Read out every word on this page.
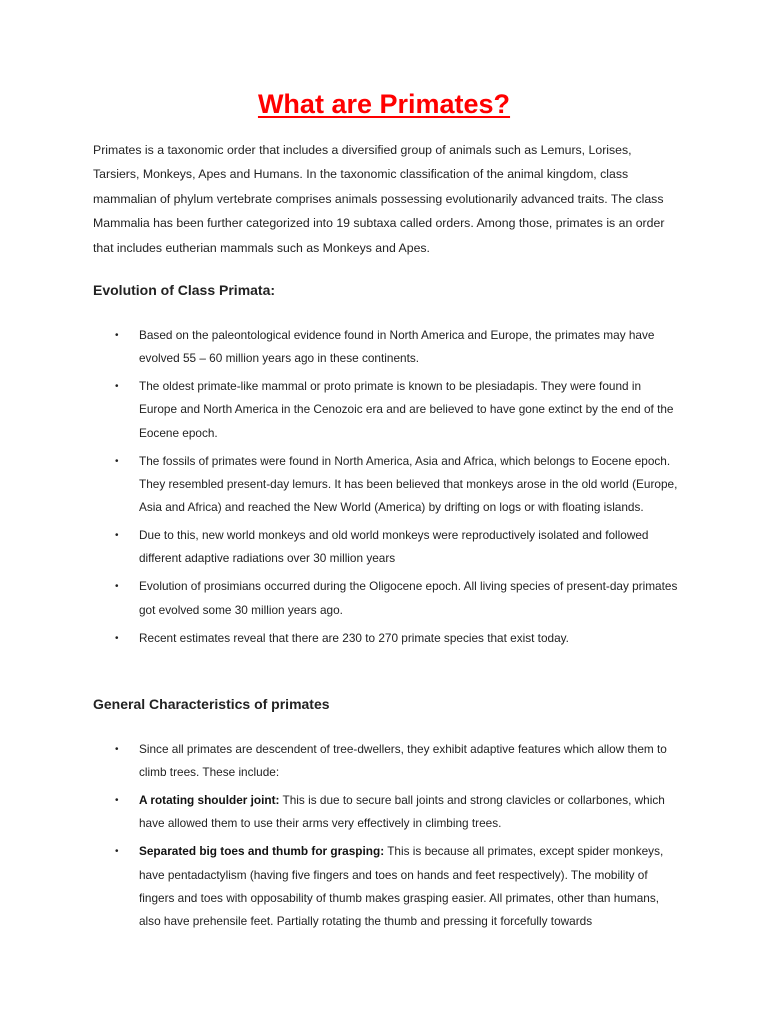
What are Primates?

Primates is a taxonomic order that includes a diversified group of animals such as Lemurs, Lorises, Tarsiers, Monkeys, Apes and Humans. In the taxonomic classification of the animal kingdom, class mammalian of phylum vertebrate comprises animals possessing evolutionarily advanced traits. The class Mammalia has been further categorized into 19 subtaxa called orders. Among those, primates is an order that includes eutherian mammals such as Monkeys and Apes.

Evolution of Class Primata:
• Based on the paleontological evidence found in North America and Europe, the primates may have evolved 55 – 60 million years ago in these continents.
• The oldest primate-like mammal or proto primate is known to be plesiadapis. They were found in Europe and North America in the Cenozoic era and are believed to have gone extinct by the end of the Eocene epoch.
• The fossils of primates were found in North America, Asia and Africa, which belongs to Eocene epoch. They resembled present-day lemurs. It has been believed that monkeys arose in the old world (Europe, Asia and Africa) and reached the New World (America) by drifting on logs or with floating islands.
• Due to this, new world monkeys and old world monkeys were reproductively isolated and followed different adaptive radiations over 30 million years
• Evolution of prosimians occurred during the Oligocene epoch. All living species of present-day primates got evolved some 30 million years ago.
• Recent estimates reveal that there are 230 to 270 primate species that exist today.
General Characteristics of primates
• Since all primates are descendent of tree-dwellers, they exhibit adaptive features which allow them to climb trees. These include:
• A rotating shoulder joint: This is due to secure ball joints and strong clavicles or collarbones, which have allowed them to use their arms very effectively in climbing trees.
• Separated big toes and thumb for grasping: This is because all primates, except spider monkeys, have pentadactylism (having five fingers and toes on hands and feet respectively). The mobility of fingers and toes with opposability of thumb makes grasping easier. All primates, other than humans, also have prehensile feet. Partially rotating the thumb and pressing it forcefully towards
